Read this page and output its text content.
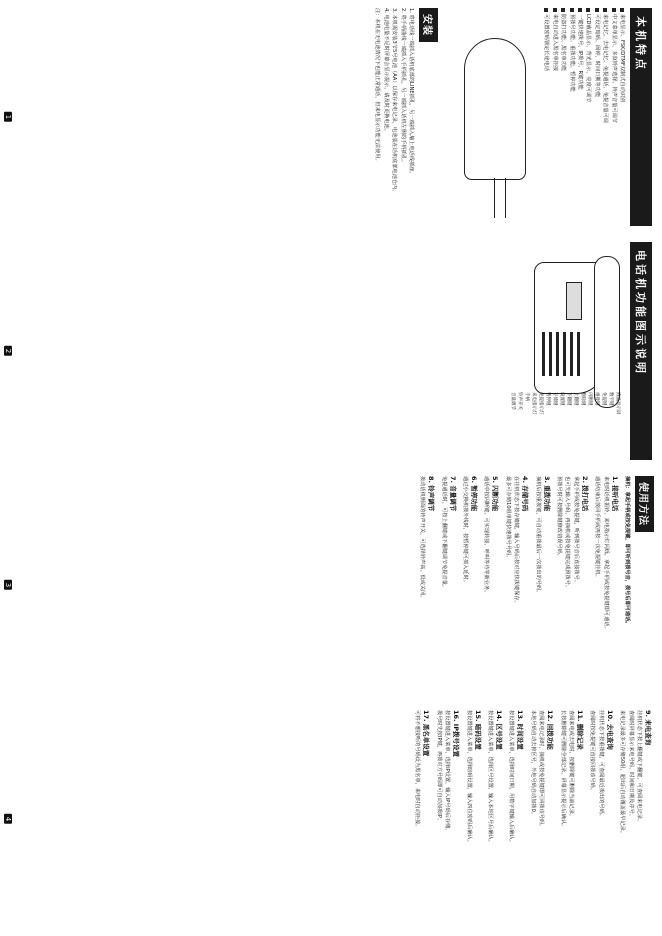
本机特点
来电显示、FSK/DTMF双制式自动识别
中文菜单显示、多款铃声选择、铃声音量可调节
来电记忆、去电记忆、免提通话、免提音量可调
可设定暗码、闹钟、时间日期等功能
LCD液晶显示、背光显示、亮度可调节
一键快速拨号、IP拨号、R键功能
预拨号功能、重拨功能、暂停功能
防盗打功能、黑名单功能
来电自动进入黑名单拒接
可设置密码锁定长途电话
安装
1. 将电话线一端插入话机底部的LINE插孔，另一端插入墙上电话线插座。
2. 将手柄曲线一端插入手柄插孔，另一端插入话机左侧的手柄插孔。
3. 本机需安装3节5号电池（AA）以保存来电记录，电池装在话机底部电池仓内。
4. 电池电量不足时屏幕会显示提示，请及时更换电池。
注：本机在无电池情况下也能正常通话，但来电显示功能无法使用。
1
电话机功能图示说明
液晶显示屏
数字键
免提键
重拨键
闪断键
删除键
上翻键
下翻键
设置键
存储键
暂停键
免提指示灯
来电指示灯
手柄
铃声开关
音量调节
2
使用方法
摘机：拿起手柄或按免提键，即可听到拨号音，拨号后即可通话。
1. 接听电话
来电时话机振铃，来电指示灯闪烁，拿起手柄或按免提键即可通话。
通话结束后放回手柄或再按一次免提键挂机。
2. 拨打电话
拿起手柄或按免提键，听到拨号音后直接拨号。
也可先输入号码，再摘机或按免提键完成预拨号。
预拨号时可按删除键修改错误号码。
3. 重拨功能
摘机后按重拨键，可自动重拨最后一次拨出的号码。
4. 存储号码
在挂机状态下按存储键，输入号码后按对应快拨键保存。
最多可存储10组单键快速拨号号码。
5. 闪断功能
通话中按闪断键，可实现转接、呼叫等待等新业务。
6. 暂停功能
通过小交换机拨外线时，按暂停键可插入延时。
7. 音量调节
免提通话时，可按上翻键或下翻键调节免提音量。
8. 铃声调节
拨动话机侧面的铃声开关，可选择铃声高、低或关闭。
3
9. 来电查询
挂机状态下按上翻键或下翻键，可查阅来电记录。
查阅时屏幕显示来电号码、时间和日期及序号。
来电记录最多可存储50组，超出后自动覆盖最早记录。
10. 去电查询
挂机状态下按重拨键，可查阅最近拨出的号码。
查阅时按免提键可直接回拨该号码。
11. 删除记录
查阅来电或去电时，按删除键可删除当前记录。
长按删除键可删除全部记录，屏幕显示提示后确认。
12. 回拨功能
查阅来电记录时，摘机或按免提键即可回拨该号码。
本地号码自动去掉区号，外地号码自动加拨0。
13. 时间设置
按设置键进入菜单，选择时间日期，用数字键输入后确认。
14. 区号设置
按设置键进入菜单，选择区号设置，输入本地区号后确认。
15. 暗码设置
按设置键进入菜单，选择暗码设置，输入四位密码后确认。
16. IP拨号设置
按设置键进入菜单，选择IP设置，输入IP号码后存储。
拨号时先按IP键，再拨对方号码即可自动加拨IP。
17. 黑名单设置
可将不想接听的号码设为黑名单，来电时自动拒接。
4
